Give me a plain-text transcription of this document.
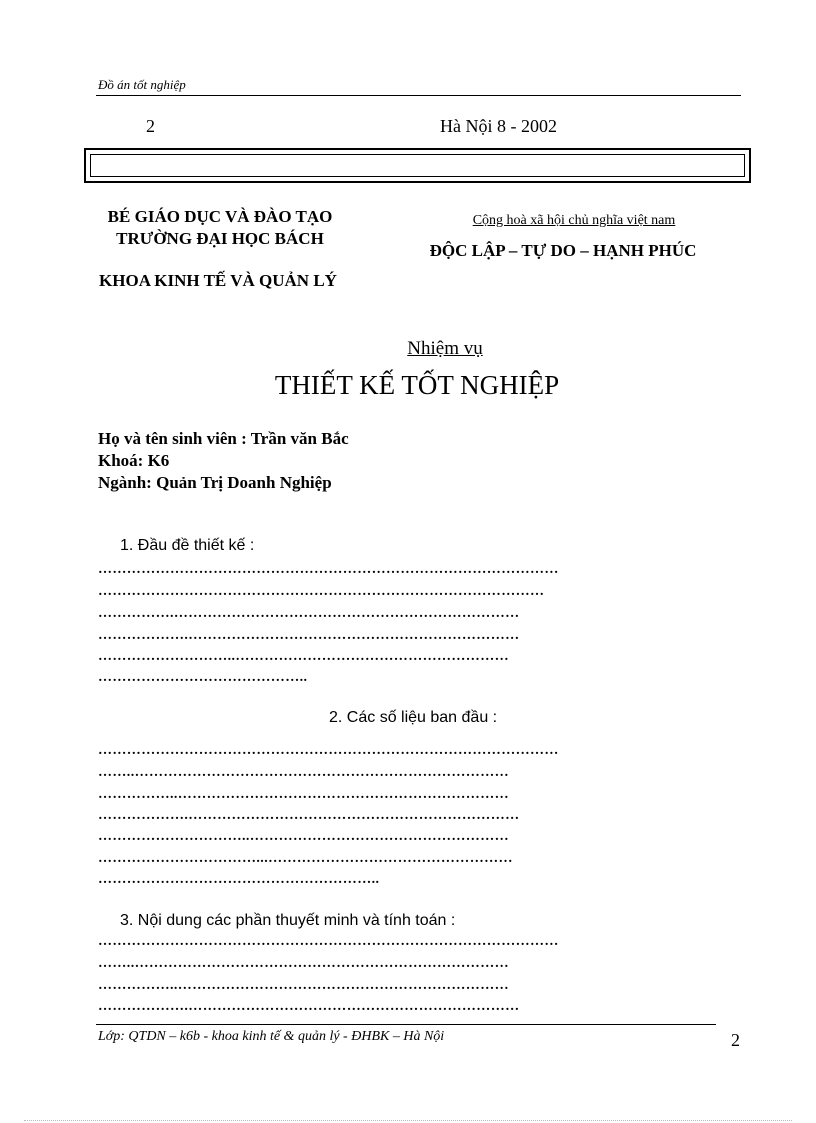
Đồ án tốt nghiệp
2	Hà Nội 8 - 2002
BÉ GIÁO DỤC VÀ ĐÀO TẠO
TRƯỜNG ĐẠI HỌC BÁCH
KHOA KINH TẾ VÀ QUẢN LÝ
Cộng hoà xã hội chủ nghĩa việt nam
ĐỘC LẬP – TỰ DO – HẠNH PHÚC
Nhiệm vụ
THIẾT KẾ TỐT NGHIỆP
Họ và tên sinh viên : Trần văn Bắc
Khoá: K6
Ngành: Quản Trị Doanh Nghiệp
1. Đầu đề thiết kế :
……………………………………………………………………………………
…………………………………………………………………………………
…………….………………………………………………………………
……………….……………………………………………………………
………………………..…………………………………………………
……………………………………..
2. Các số liệu ban đầu :
……………………………………………………………………………………
……..……………………………………………………………………
……………..……………………………………………………………
……………….……………………………………………………………
…………………………..………………………………………………
……………………………...……………………………………………
…………………………………………………..
3. Nội dung các phần thuyết minh và tính toán :
……………………………………………………………………………………
……..……………………………………………………………………
……………..……………………………………………………………
……………….……………………………………………………………
Lớp: QTDN – k6b - khoa kinh tế & quản lý - ĐHBK – Hà Nội	2
